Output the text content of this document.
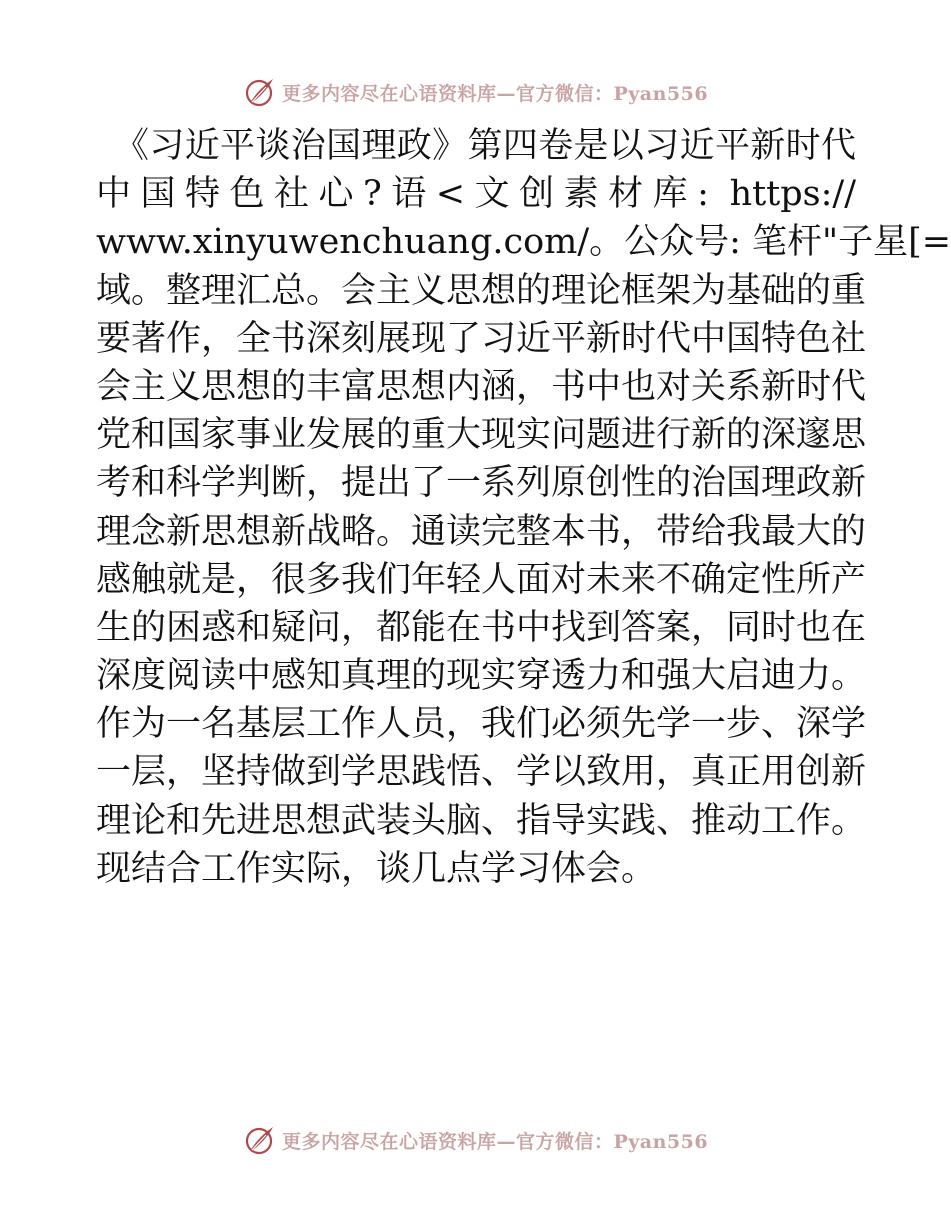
更多内容尽在心语资料库—官方微信：Pyan556
《习近平谈治国理政》第四卷是以习近平新时代
中国特色社心?语<文创素材库: https://
www.xinyuwenchuang.com/。公众号: 笔杆"子星[=
域。整理汇总。会主义思想的理论框架为基础的重
要著作，全书深刻展现了习近平新时代中国特色社
会主义思想的丰富思想内涵，书中也对关系新时代
党和国家事业发展的重大现实问题进行新的深邃思
考和科学判断，提出了一系列原创性的治国理政新
理念新思想新战略。通读完整本书，带给我最大的
感触就是，很多我们年轻人面对未来不确定性所产
生的困惑和疑问，都能在书中找到答案，同时也在
深度阅读中感知真理的现实穿透力和强大启迪力。
作为一名基层工作人员，我们必须先学一步、深学
一层，坚持做到学思践悟、学以致用，真正用创新
理论和先进思想武装头脑、指导实践、推动工作。
现结合工作实际，谈几点学习体会。
更多内容尽在心语资料库—官方微信：Pyan556
